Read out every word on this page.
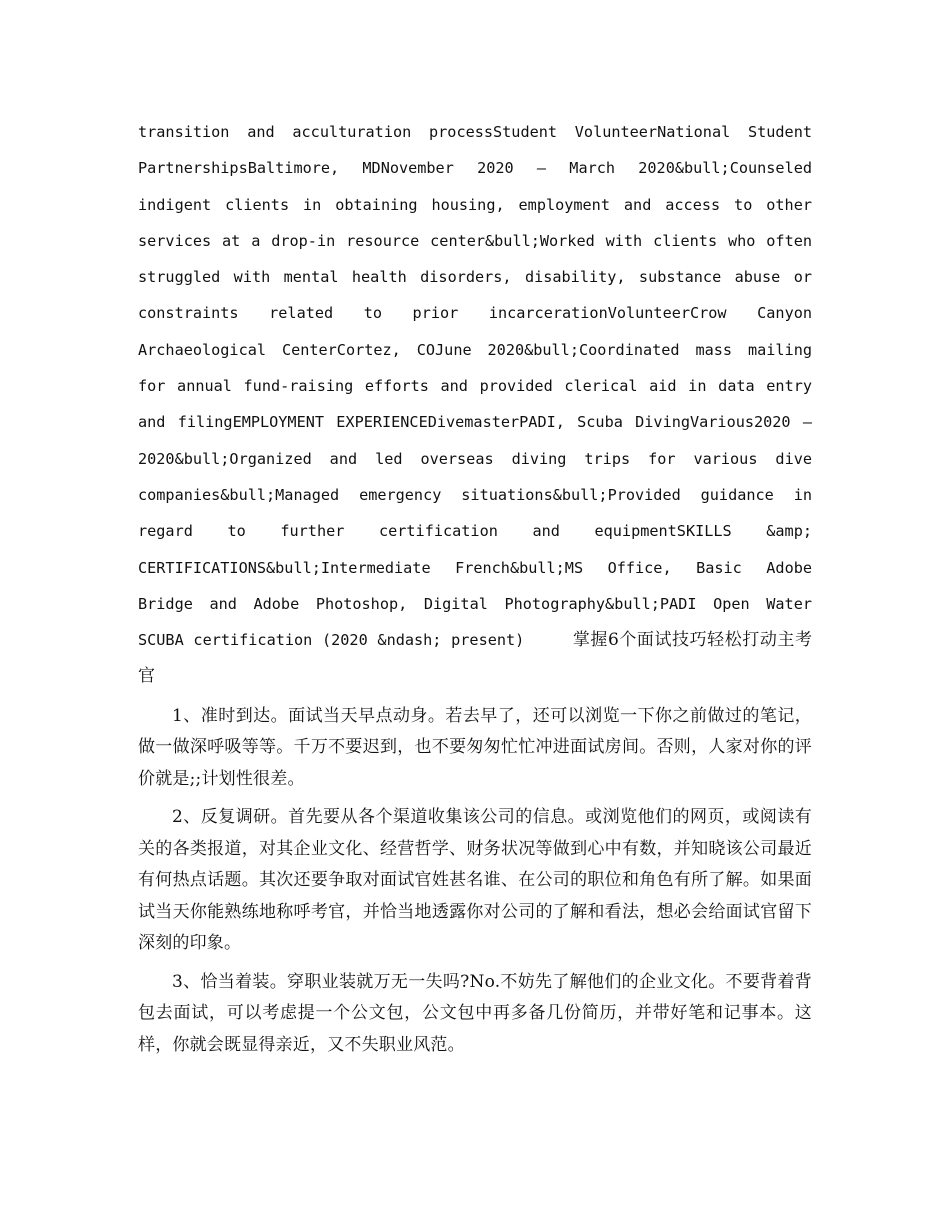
transition and acculturation processStudent VolunteerNational Student PartnershipsBaltimore, MDNovember 2020 – March 2020&bull;Counseled indigent clients in obtaining housing, employment and access to other services at a drop-in resource center&bull;Worked with clients who often struggled with mental health disorders, disability, substance abuse or constraints related to prior incarcerationVolunteerCrow Canyon Archaeological CenterCortez, COJune 2020&bull;Coordinated mass mailing for annual fund-raising efforts and provided clerical aid in data entry and filingEMPLOYMENT EXPERIENCEDivemasterPADI, Scuba DivingVarious2020 – 2020&bull;Organized and led overseas diving trips for various dive companies&bull;Managed emergency situations&bull;Provided guidance in regard to further certification and equipmentSKILLS &amp; CERTIFICATIONS&bull;Intermediate French&bull;MS Office, Basic Adobe Bridge and Adobe Photoshop, Digital Photography&bull;PADI Open Water SCUBA certification (2020 &ndash; present)	掌握6个面试技巧轻松打动主考官

1、准时到达。面试当天早点动身。若去早了，还可以浏览一下你之前做过的笔记，做一做深呼吸等等。千万不要迟到，也不要匆匆忙忙冲进面试房间。否则，人家对你的评价就是;;计划性很差。

2、反复调研。首先要从各个渠道收集该公司的信息。或浏览他们的网页，或阅读有关的各类报道，对其企业文化、经营哲学、财务状况等做到心中有数，并知晓该公司最近有何热点话题。其次还要争取对面试官姓甚名谁、在公司的职位和角色有所了解。如果面试当天你能熟练地称呼考官，并恰当地透露你对公司的了解和看法，想必会给面试官留下深刻的印象。

3、恰当着装。穿职业装就万无一失吗?No.不妨先了解他们的企业文化。不要背着背包去面试，可以考虑提一个公文包，公文包中再多备几份简历，并带好笔和记事本。这样，你就会既显得亲近，又不失职业风范。
